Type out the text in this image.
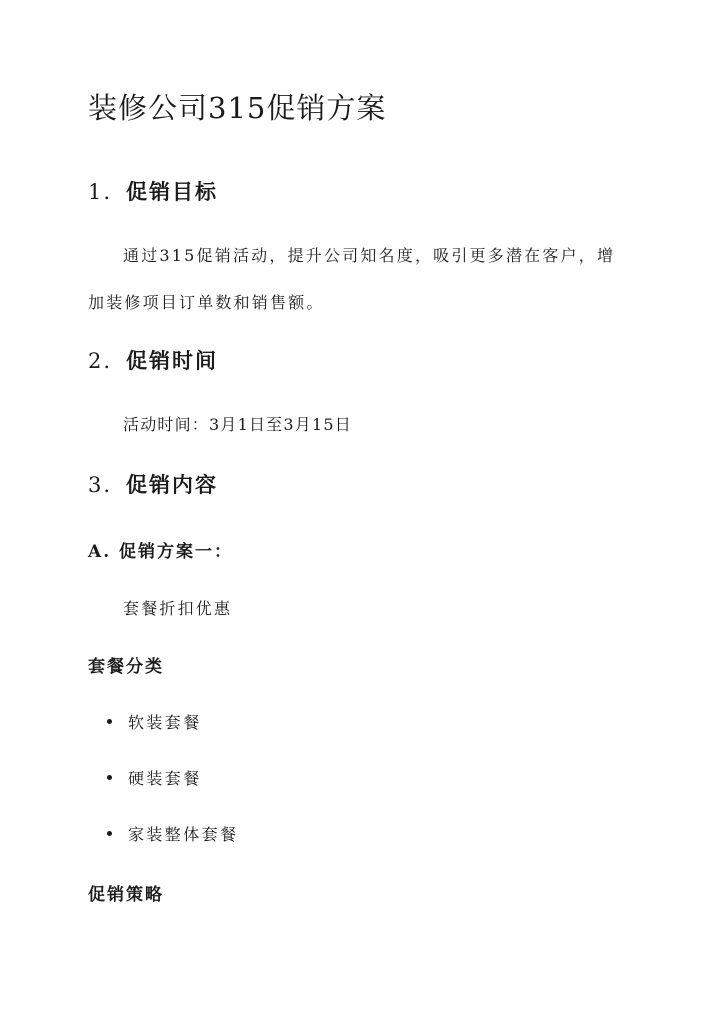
装修公司315促销方案
1. 促销目标

通过315促销活动，提升公司知名度，吸引更多潜在客户，增

加装修项目订单数和销售额。

2. 促销时间

活动时间：3月1日至3月15日

3. 促销内容
A. 促销方案一：

套餐折扣优惠

套餐分类
软装套餐
硬装套餐
家装整体套餐
促销策略
